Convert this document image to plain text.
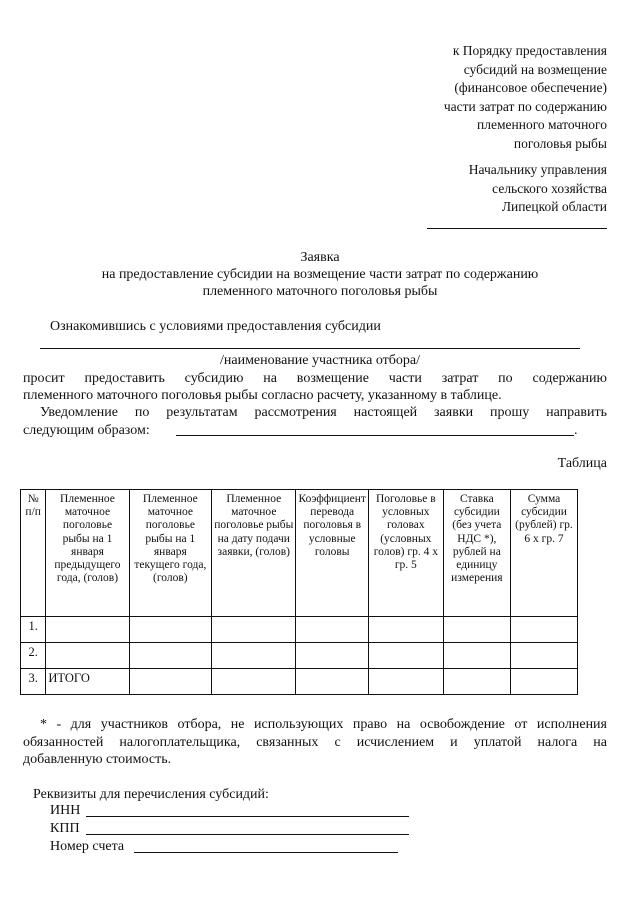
к Порядку предоставления
субсидий на возмещение
(финансовое обеспечение)
части затрат по содержанию
племенного маточного
поголовья рыбы
Начальнику управления
сельского хозяйства
Липецкой области
Заявка
на предоставление субсидии на возмещение части затрат по содержанию
племенного маточного поголовья рыбы
Ознакомившись с условиями предоставления субсидии
/наименование участника отбора/
просит предоставить субсидию на возмещение части затрат по содержанию
племенного маточного поголовья рыбы согласно расчету, указанному в таблице.
Уведомление по результатам рассмотрения настоящей заявки прошу направить
следующим образом:	.
Таблица
№ п/п	Племенное маточное поголовье рыбы на 1 января предыдущего года, (голов)	Племенное маточное поголовье рыбы на 1 января текущего года, (голов)	Племенное маточное поголовье рыбы на дату подачи заявки, (голов)	Коэффициент перевода поголовья в условные головы	Поголовье в условных головах (условных голов) гр. 4 х гр. 5	Ставка субсидии (без учета НДС *), рублей на единицу измерения	Сумма субсидии (рублей) гр. 6 х гр. 7
1.							
2.							
3.	ИТОГО						
* - для участников отбора, не использующих право на освобождение от исполнения
обязанностей налогоплательщика, связанных с исчислением и уплатой налога на
добавленную стоимость.
Реквизиты для перечисления субсидий:
ИНН
КПП
Номер счета
